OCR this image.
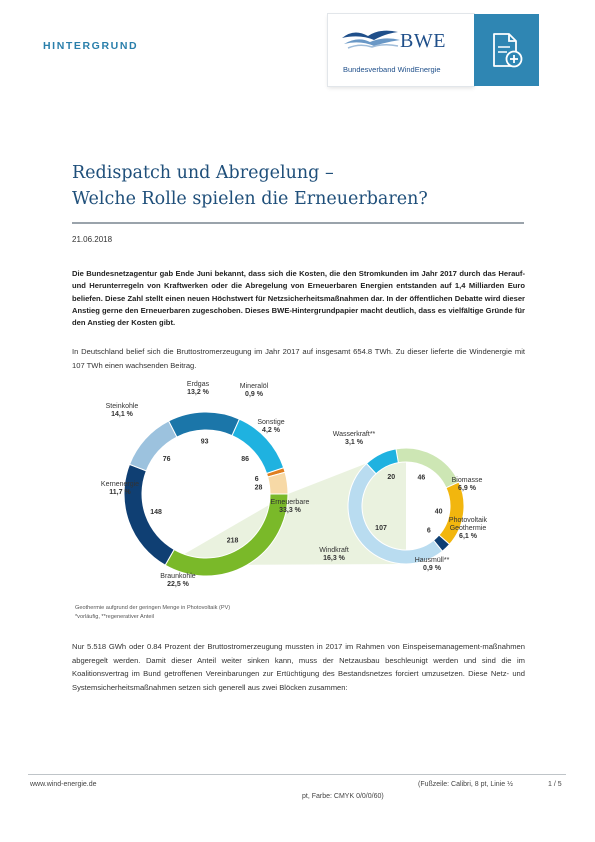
HINTERGRUND	BWE
Bundesverband WindEnergie
Redispatch und Abregelung –
Welche Rolle spielen die Erneuerbaren?
21.06.2018
Die Bundesnetzagentur gab Ende Juni bekannt, dass sich die Kosten, die den Stromkunden im Jahr 2017 durch das Herauf- und Herunterregeln von Kraftwerken oder die Abregelung von Erneuerbaren Energien entstanden auf 1,4 Milliarden Euro beliefen. Diese Zahl stellt einen neuen Höchstwert für Netzsicherheitsmaßnahmen dar. In der öffentlichen Debatte wird dieser Anstieg gerne den Erneuerbaren zugeschoben. Dieses BWE-Hintergrundpapier macht deutlich, dass es vielfältige Gründe für den Anstieg der Kosten gibt.
In Deutschland belief sich die Bruttostromerzeugung im Jahr 2017 auf insgesamt 654.8 TWh. Zu dieser lieferte die Windenergie mit 107 TWh einen wachsenden Beitrag.
218
148
76
93
86
6
28
46
40
6
107
20
Erneuerbare
33,3 %
Braunkohle
22,5 %
Kernenergie
11,7 %
Steinkohle
14,1 %
Erdgas
13,2 %
Mineralöl
0,9 %
Sonstige
4,2 %
Biomasse
6,9 %
Photovoltaik
Geothermie
6,1 %
Hausmüll**
0,9 %
Windkraft
16,3 %
Wasserkraft**
3,1 %
Geothermie aufgrund der geringen Menge in Photovoltaik (PV)
*vorläufig, **regenerativer Anteil
Nur 5.518 GWh oder 0.84 Prozent der Bruttostromerzeugung mussten in 2017 im Rahmen von Einspeisemanagement-maßnahmen abgeregelt werden. Damit dieser Anteil weiter sinken kann, muss der Netzausbau beschleunigt werden und sind die im Koalitionsvertrag im Bund getroffenen Vereinbarungen zur Ertüchtigung des Bestandsnetzes forciert umzusetzen. Diese Netz- und Systemsicherheitsmaßnahmen setzen sich generell aus zwei Blöcken zusammen:
www.wind-energie.de	(Fußzeile: Calibri, 8 pt, Linie ½
pt, Farbe: CMYK 0/0/0/60)
1 / 5
